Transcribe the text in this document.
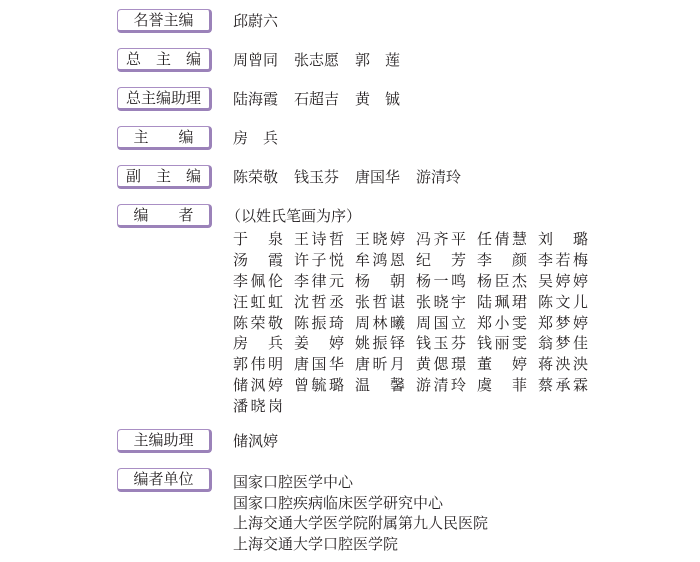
名誉主编	邱蔚六
总　主　编	周曾同 张志愿 郭　莲
总主编助理	陆海霞 石超吉 黄　铖
主　　编	房　兵
副　主　编	陈荣敬 钱玉芬 唐国华 游清玲
编　　者	（以姓氏笔画为序）
于　泉 王诗哲 王晓婷 冯齐平 任倩慧 刘　璐
汤　霞 许子悦 牟鸿恩 纪　芳 李　颜 李若梅
李佩伦 李律元 杨　朝 杨一鸣 杨臣杰 吴婷婷
汪虹虹 沈哲丞 张哲谌 张晓宇 陆珮珺 陈文儿
陈荣敬 陈振琦 周林曦 周国立 郑小雯 郑梦婷
房　兵 姜　婷 姚振铎 钱玉芬 钱丽雯 翁梦佳
郭伟明 唐国华 唐昕月 黄偲璟 董　婷 蒋泱泱
储沨婷 曾毓璐 温　馨 游清玲 虞　菲 蔡承霖
潘晓岗
主编助理	储沨婷
编者单位	国家口腔医学中心
国家口腔疾病临床医学研究中心
上海交通大学医学院附属第九人民医院
上海交通大学口腔医学院
